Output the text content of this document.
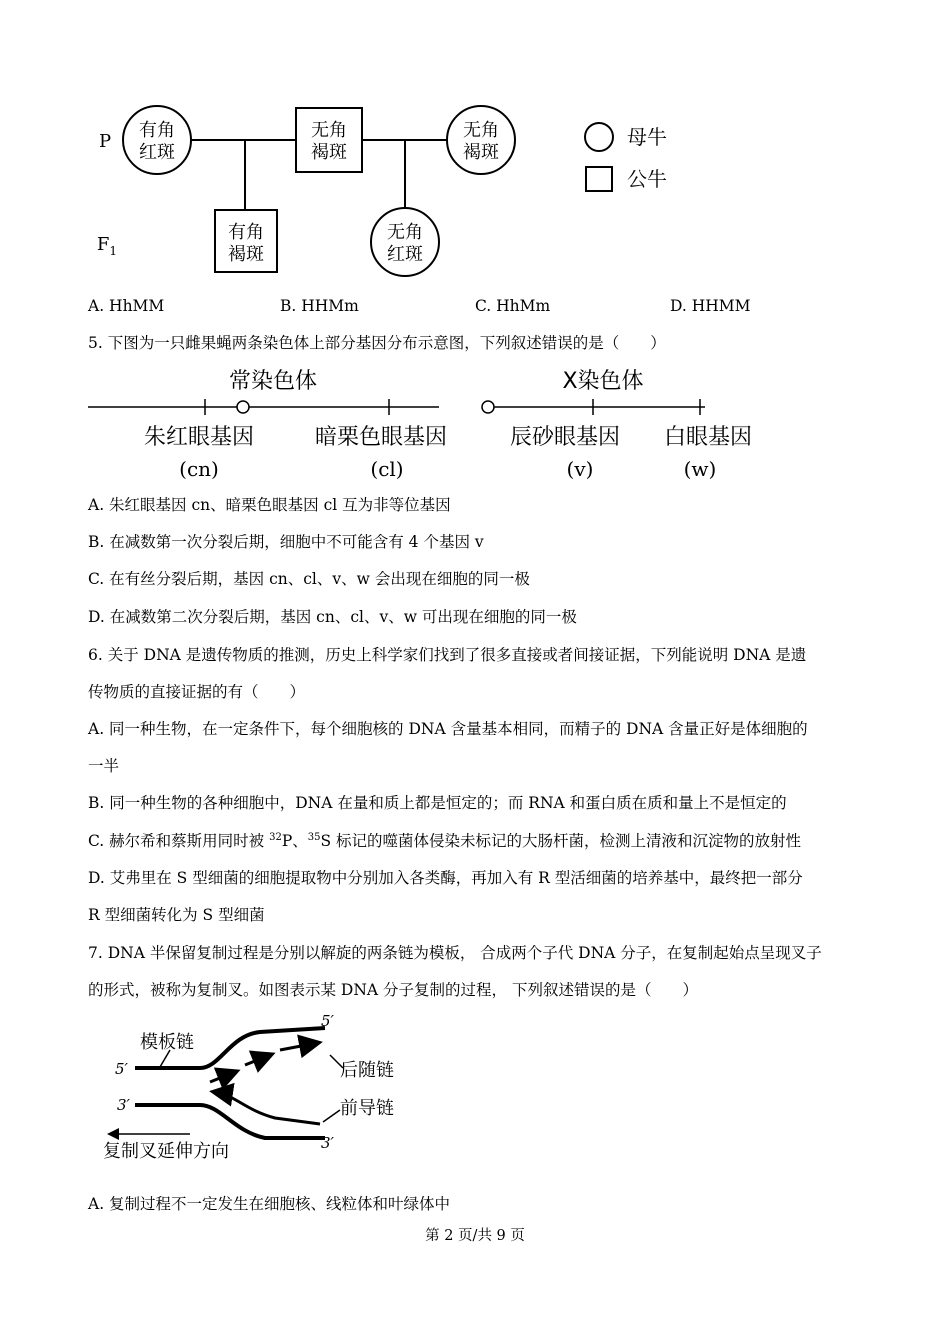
P
$F_1$
有角
红斑
无角
褐斑
无角
褐斑
有角
褐斑
无角
红斑
母牛
公牛
A. HhMM	B. HHMm	C. HhMm	D. HHMM
5. 下图为一只雌果蝇两条染色体上部分基因分布示意图，下列叙述错误的是（　　）
常染色体	X染色体
朱红眼基因	暗栗色眼基因	辰砂眼基因 白眼基因
(cn)	(cl)	(v)	(w)
A. 朱红眼基因 cn、暗栗色眼基因 cl 互为非等位基因
B. 在减数第一次分裂后期，细胞中不可能含有 4 个基因 v
C. 在有丝分裂后期，基因 cn、cl、v、w 会出现在细胞的同一极
D. 在减数第二次分裂后期，基因 cn、cl、v、w 可出现在细胞的同一极
6. 关于 DNA 是遗传物质的推测，历史上科学家们找到了很多直接或者间接证据，下列能说明 DNA 是遗
传物质的直接证据的有（　　）
A. 同一种生物，在一定条件下，每个细胞核的 DNA 含量基本相同，而精子的 DNA 含量正好是体细胞的
一半
B. 同一种生物的各种细胞中，DNA 在量和质上都是恒定的；而 RNA 和蛋白质在质和量上不是恒定的
C. 赫尔希和蔡斯用同时被 $^{32}$P、$^{35}$S 标记的噬菌体侵染未标记的大肠杆菌，检测上清液和沉淀物的放射性
D. 艾弗里在 S 型细菌的细胞提取物中分别加入各类酶，再加入有 R 型活细菌的培养基中，最终把一部分
R 型细菌转化为 S 型细菌
7. DNA 半保留复制过程是分别以解旋的两条链为模板， 合成两个子代 DNA 分子，在复制起始点呈现叉子
的形式，被称为复制叉。如图表示某 DNA 分子复制的过程， 下列叙述错误的是（　　）
模板链
后随链
前导链
复制叉延伸方向
5′
5′
3′
3′
A. 复制过程不一定发生在细胞核、线粒体和叶绿体中
第 2 页/共 9 页
